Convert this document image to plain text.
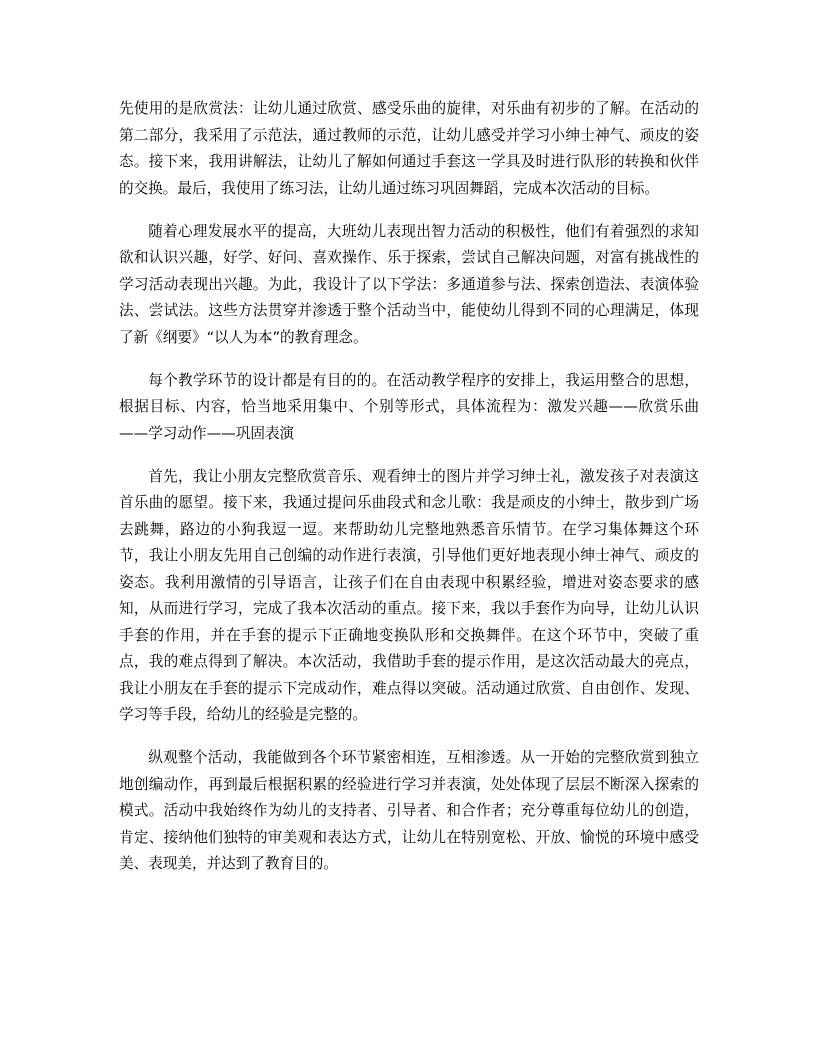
先使用的是欣赏法：让幼儿通过欣赏、感受乐曲的旋律，对乐曲有初步的了解。在活动的第二部分，我采用了示范法，通过教师的示范，让幼儿感受并学习小绅士神气、顽皮的姿态。接下来，我用讲解法，让幼儿了解如何通过手套这一学具及时进行队形的转换和伙伴的交换。最后，我使用了练习法，让幼儿通过练习巩固舞蹈，完成本次活动的目标。

随着心理发展水平的提高，大班幼儿表现出智力活动的积极性，他们有着强烈的求知欲和认识兴趣，好学、好问、喜欢操作、乐于探索，尝试自己解决问题，对富有挑战性的学习活动表现出兴趣。为此，我设计了以下学法：多通道参与法、探索创造法、表演体验法、尝试法。这些方法贯穿并渗透于整个活动当中，能使幼儿得到不同的心理满足，体现了新《纲要》“以人为本”的教育理念。

每个教学环节的设计都是有目的的。在活动教学程序的安排上，我运用整合的思想，根据目标、内容，恰当地采用集中、个别等形式，具体流程为：激发兴趣——欣赏乐曲——学习动作——巩固表演

首先，我让小朋友完整欣赏音乐、观看绅士的图片并学习绅士礼，激发孩子对表演这首乐曲的愿望。接下来，我通过提问乐曲段式和念儿歌：我是顽皮的小绅士，散步到广场去跳舞，路边的小狗我逗一逗。来帮助幼儿完整地熟悉音乐情节。在学习集体舞这个环节，我让小朋友先用自己创编的动作进行表演，引导他们更好地表现小绅士神气、顽皮的姿态。我利用激情的引导语言，让孩子们在自由表现中积累经验，增进对姿态要求的感知，从而进行学习，完成了我本次活动的重点。接下来，我以手套作为向导，让幼儿认识手套的作用，并在手套的提示下正确地变换队形和交换舞伴。在这个环节中，突破了重点，我的难点得到了解决。本次活动，我借助手套的提示作用，是这次活动最大的亮点，我让小朋友在手套的提示下完成动作，难点得以突破。活动通过欣赏、自由创作、发现、学习等手段，给幼儿的经验是完整的。

纵观整个活动，我能做到各个环节紧密相连，互相渗透。从一开始的完整欣赏到独立地创编动作，再到最后根据积累的经验进行学习并表演，处处体现了层层不断深入探索的模式。活动中我始终作为幼儿的支持者、引导者、和合作者；充分尊重每位幼儿的创造，肯定、接纳他们独特的审美观和表达方式，让幼儿在特别宽松、开放、愉悦的环境中感受美、表现美，并达到了教育目的。
